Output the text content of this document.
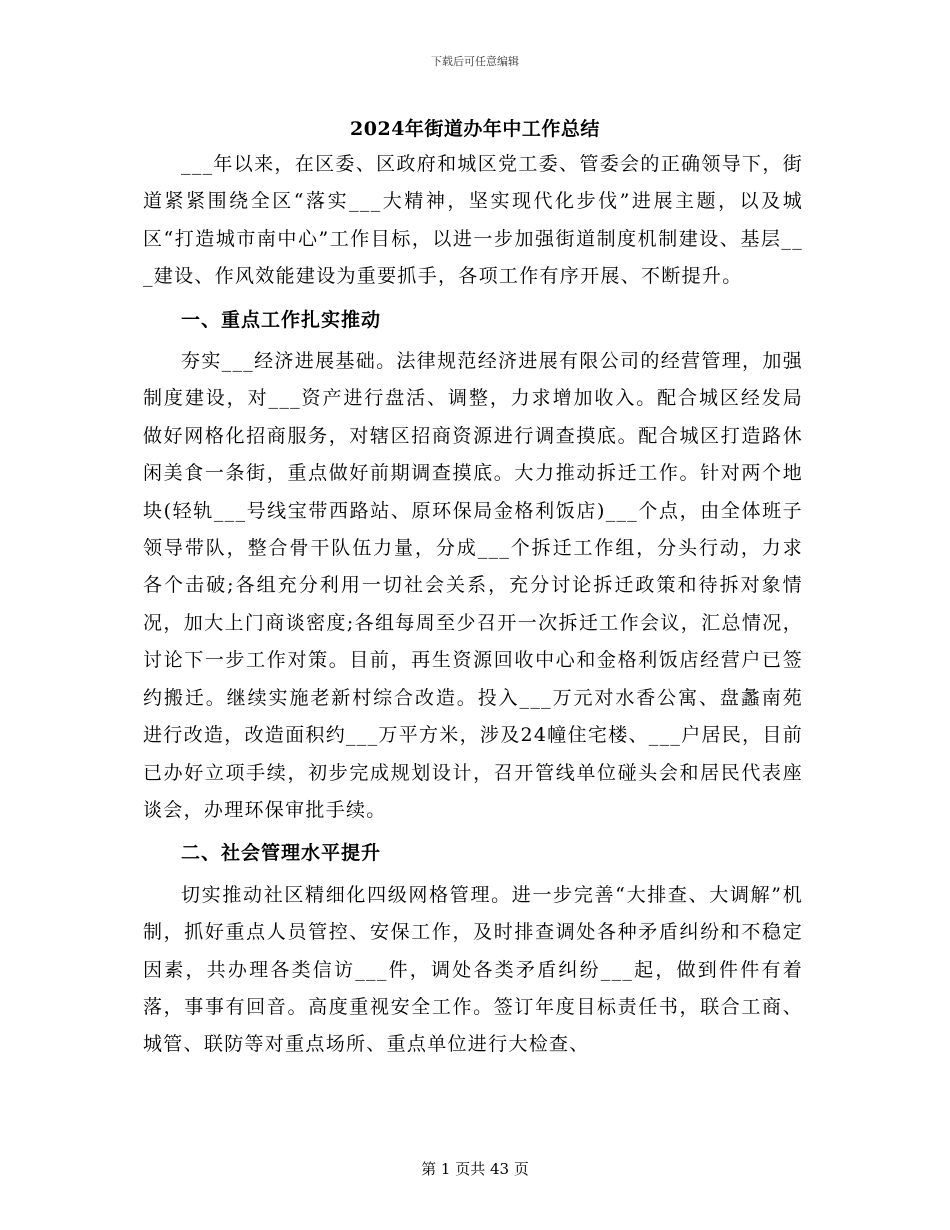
下载后可任意编辑
2024年街道办年中工作总结

___年以来，在区委、区政府和城区党工委、管委会的正确领导下，街道紧紧围绕全区“落实___大精神，坚实现代化步伐”进展主题，以及城区“打造城市南中心”工作目标，以进一步加强街道制度机制建设、基层___建设、作风效能建设为重要抓手，各项工作有序开展、不断提升。

一、重点工作扎实推动

夯实___经济进展基础。法律规范经济进展有限公司的经营管理，加强制度建设，对___资产进行盘活、调整，力求增加收入。配合城区经发局做好网格化招商服务，对辖区招商资源进行调查摸底。配合城区打造路休闲美食一条街，重点做好前期调查摸底。大力推动拆迁工作。针对两个地块(轻轨___号线宝带西路站、原环保局金格利饭店)___个点，由全体班子领导带队，整合骨干队伍力量，分成___个拆迁工作组，分头行动，力求各个击破;各组充分利用一切社会关系，充分讨论拆迁政策和待拆对象情况，加大上门商谈密度;各组每周至少召开一次拆迁工作会议，汇总情况，讨论下一步工作对策。目前，再生资源回收中心和金格利饭店经营户已签约搬迁。继续实施老新村综合改造。投入___万元对水香公寓、盘蠡南苑进行改造，改造面积约___万平方米，涉及24幢住宅楼、___户居民，目前已办好立项手续，初步完成规划设计，召开管线单位碰头会和居民代表座谈会，办理环保审批手续。

二、社会管理水平提升

切实推动社区精细化四级网格管理。进一步完善“大排查、大调解”机制，抓好重点人员管控、安保工作，及时排查调处各种矛盾纠纷和不稳定因素，共办理各类信访___件，调处各类矛盾纠纷___起，做到件件有着落，事事有回音。高度重视安全工作。签订年度目标责任书，联合工商、城管、联防等对重点场所、重点单位进行大检查、

第 1 页共 43 页
